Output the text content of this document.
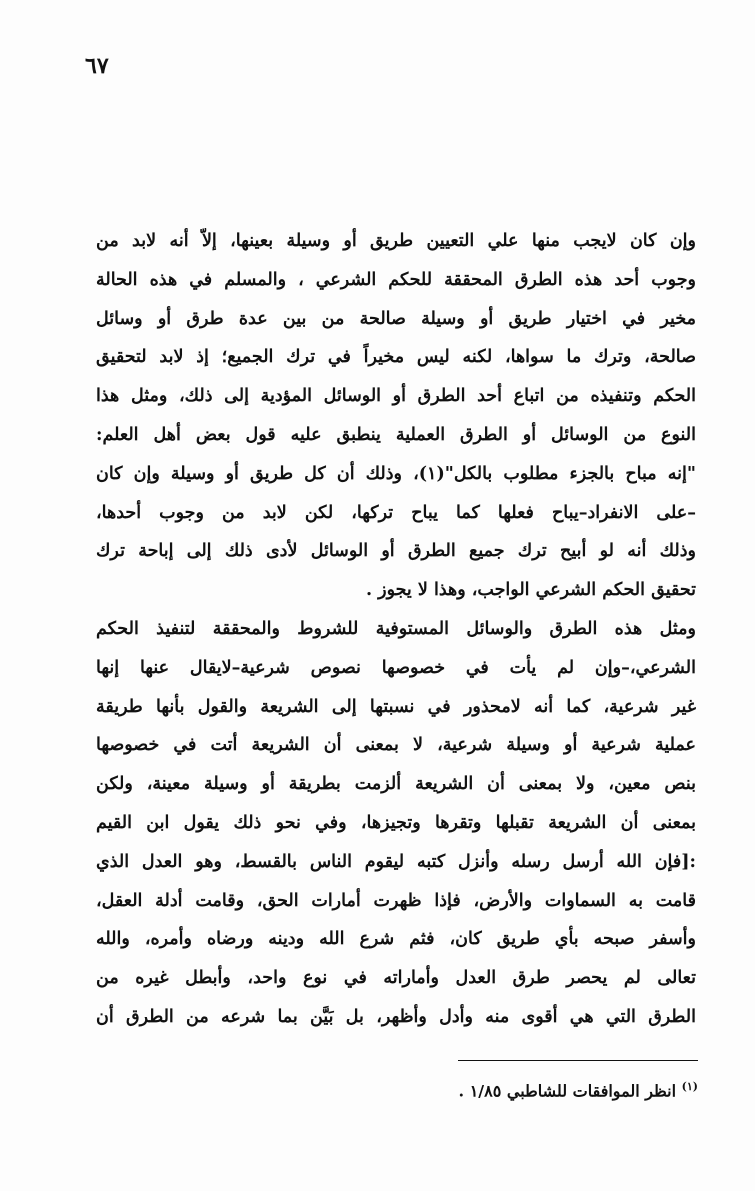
٦٧
وإن كان لايجب منها علي التعيين طريق أو وسيلة بعينها، إلاّ أنه لابد من
وجوب أحد هذه الطرق المحققة للحكم الشرعي ، والمسلم في هذه الحالة
مخير في اختيار طريق أو وسيلة صالحة من بين عدة طرق أو وسائل
صالحة، وترك ما سواها، لكنه ليس مخيراً في ترك الجميع؛ إذ لابد لتحقيق
الحكم وتنفيذه من اتباع أحد الطرق أو الوسائل المؤدية إلى ذلك، ومثل هذا
النوع من الوسائل أو الطرق العملية ينطبق عليه قول بعض أهل العلم:
"إنه مباح بالجزء مطلوب بالكل"(١)، وذلك أن كل طريق أو وسيلة وإن كان
–على الانفراد–يباح فعلها كما يباح تركها، لكن لابد من وجوب أحدها،
وذلك أنه لو أبيح ترك جميع الطرق أو الوسائل لأدى ذلك إلى إباحة ترك
تحقيق الحكم الشرعي الواجب، وهذا لا يجوز .
ومثل هذه الطرق والوسائل المستوفية للشروط والمحققة لتنفيذ الحكم
الشرعي،–وإن لم يأت في خصوصها نصوص شرعية–لايقال عنها إنها
غير شرعية، كما أنه لامحذور في نسبتها إلى الشريعة والقول بأنها طريقة
عملية شرعية أو وسيلة شرعية، لا بمعنى أن الشريعة أتت في خصوصها
بنص معين، ولا بمعنى أن الشريعة ألزمت بطريقة أو وسيلة معينة، ولكن
بمعنى أن الشريعة تقبلها وتقرها وتجيزها، وفي نحو ذلك يقول ابن القيم
:[فإن الله أرسل رسله وأنزل كتبه ليقوم الناس بالقسط، وهو العدل الذي
قامت به السماوات والأرض، فإذا ظهرت أمارات الحق، وقامت أدلة العقل،
وأسفر صبحه بأي طريق كان، فثم شرع الله ودينه ورضاه وأمره، والله
تعالى لم يحصر طرق العدل وأماراته في نوع واحد، وأبطل غيره من
الطرق التي هي أقوى منه وأدل وأظهر، بل بَيَّن بما شرعه من الطرق أن
$^{(١)}$ انظر الموافقات للشاطبي ١/٨٥ .
